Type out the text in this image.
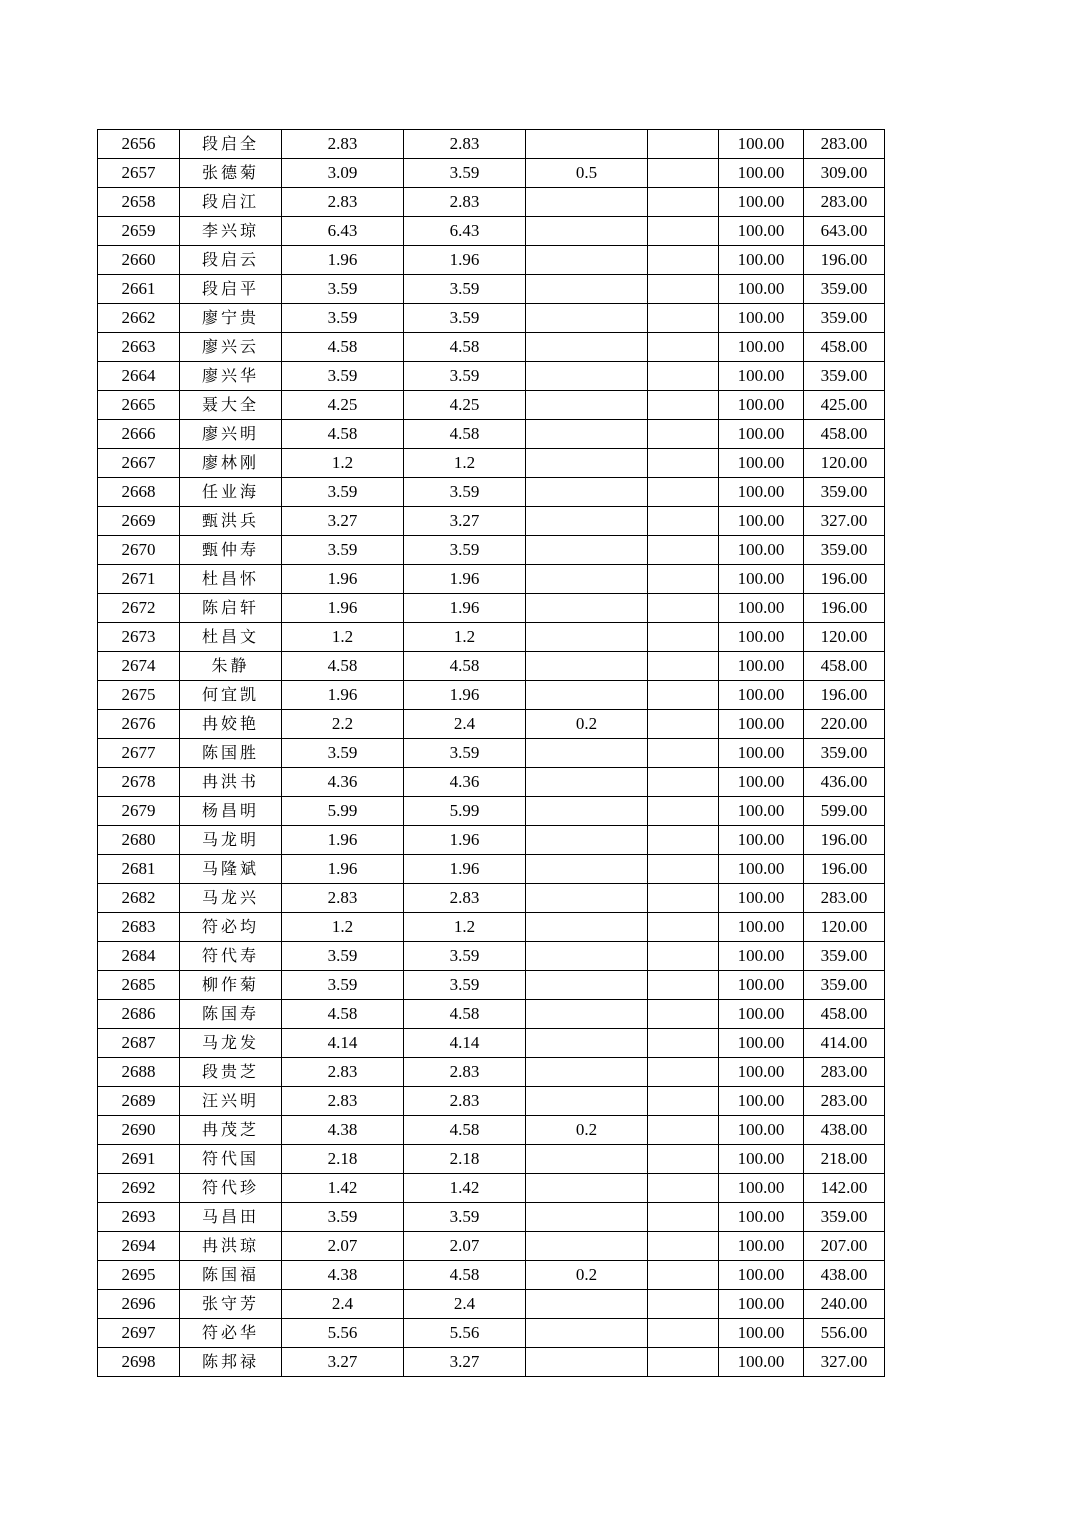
2656	段启全	2.83	2.83			100.00	283.00
2657	张德菊	3.09	3.59	0.5		100.00	309.00
2658	段启江	2.83	2.83			100.00	283.00
2659	李兴琼	6.43	6.43			100.00	643.00
2660	段启云	1.96	1.96			100.00	196.00
2661	段启平	3.59	3.59			100.00	359.00
2662	廖宁贵	3.59	3.59			100.00	359.00
2663	廖兴云	4.58	4.58			100.00	458.00
2664	廖兴华	3.59	3.59			100.00	359.00
2665	聂大全	4.25	4.25			100.00	425.00
2666	廖兴明	4.58	4.58			100.00	458.00
2667	廖林刚	1.2	1.2			100.00	120.00
2668	任业海	3.59	3.59			100.00	359.00
2669	甄洪兵	3.27	3.27			100.00	327.00
2670	甄仲寿	3.59	3.59			100.00	359.00
2671	杜昌怀	1.96	1.96			100.00	196.00
2672	陈启轩	1.96	1.96			100.00	196.00
2673	杜昌文	1.2	1.2			100.00	120.00
2674	朱静	4.58	4.58			100.00	458.00
2675	何宜凯	1.96	1.96			100.00	196.00
2676	冉姣艳	2.2	2.4	0.2		100.00	220.00
2677	陈国胜	3.59	3.59			100.00	359.00
2678	冉洪书	4.36	4.36			100.00	436.00
2679	杨昌明	5.99	5.99			100.00	599.00
2680	马龙明	1.96	1.96			100.00	196.00
2681	马隆斌	1.96	1.96			100.00	196.00
2682	马龙兴	2.83	2.83			100.00	283.00
2683	符必均	1.2	1.2			100.00	120.00
2684	符代寿	3.59	3.59			100.00	359.00
2685	柳作菊	3.59	3.59			100.00	359.00
2686	陈国寿	4.58	4.58			100.00	458.00
2687	马龙发	4.14	4.14			100.00	414.00
2688	段贵芝	2.83	2.83			100.00	283.00
2689	汪兴明	2.83	2.83			100.00	283.00
2690	冉茂芝	4.38	4.58	0.2		100.00	438.00
2691	符代国	2.18	2.18			100.00	218.00
2692	符代珍	1.42	1.42			100.00	142.00
2693	马昌田	3.59	3.59			100.00	359.00
2694	冉洪琼	2.07	2.07			100.00	207.00
2695	陈国福	4.38	4.58	0.2		100.00	438.00
2696	张守芳	2.4	2.4			100.00	240.00
2697	符必华	5.56	5.56			100.00	556.00
2698	陈邦禄	3.27	3.27			100.00	327.00
